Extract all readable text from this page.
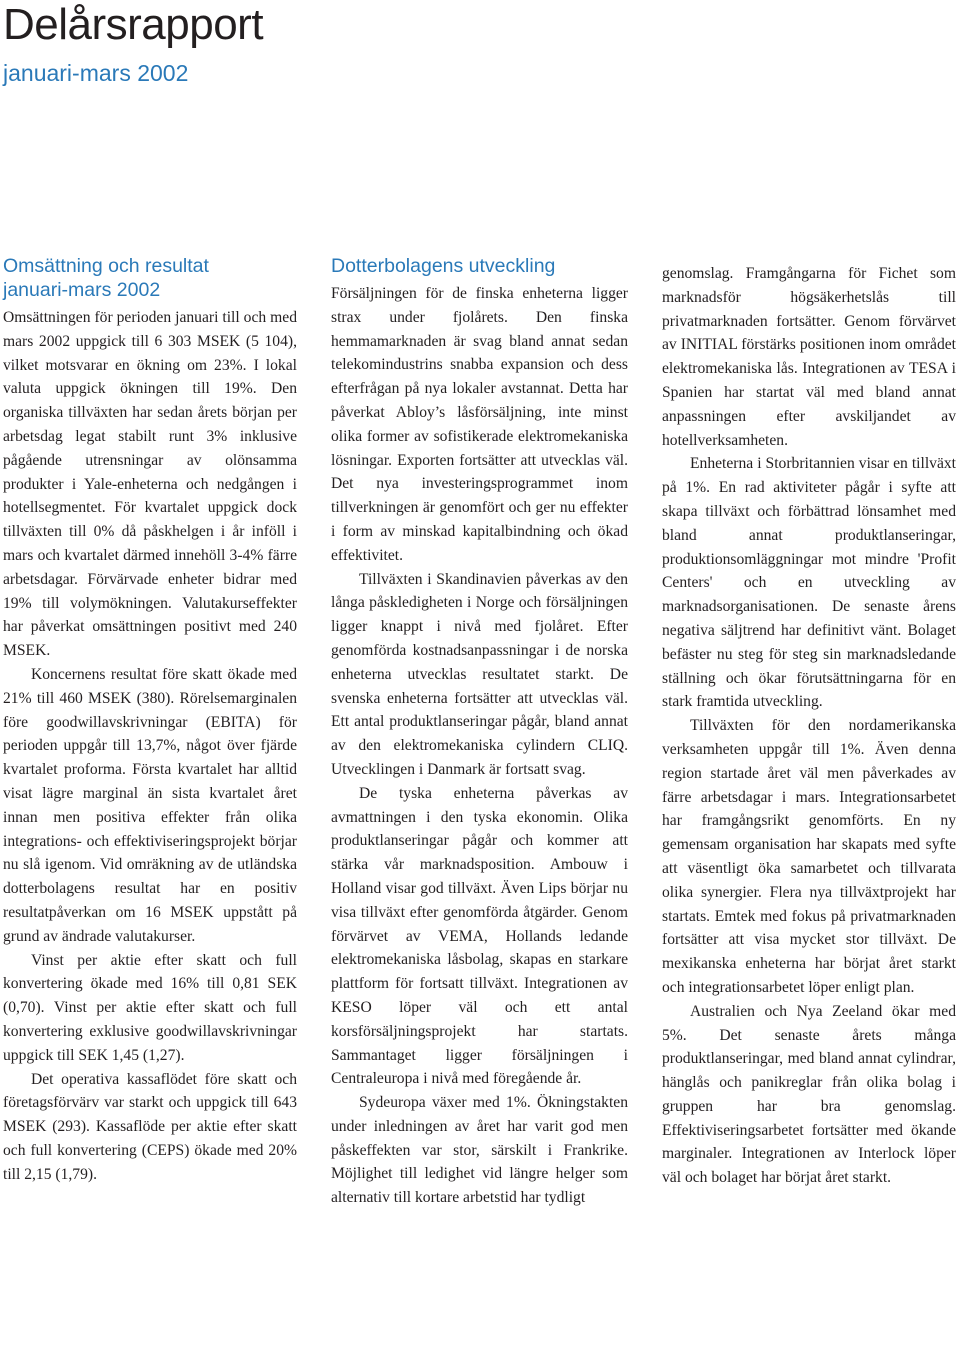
Delårsrapport
januari-mars 2002
Omsättning och resultat
januari-mars 2002

Omsättningen för perioden januari till och med mars 2002 uppgick till 6 303 MSEK (5 104), vilket motsvarar en ökning om 23%. I lokal valuta uppgick ökningen till 19%. Den organiska tillväxten har sedan årets början per arbetsdag legat stabilt runt 3% inklusive pågående utrensningar av olönsamma produkter i Yale-enheterna och nedgången i hotellsegmentet. För kvartalet uppgick dock tillväxten till 0% då påskhelgen i år inföll i mars och kvartalet därmed innehöll 3-4% färre arbetsdagar. Förvärvade enheter bidrar med 19% till volymökningen. Valutakurseffekter har påverkat omsättningen positivt med 240 MSEK.

Koncernens resultat före skatt ökade med 21% till 460 MSEK (380). Rörelsemarginalen före goodwillavskrivningar (EBITA) för perioden uppgår till 13,7%, något över fjärde kvartalet proforma. Första kvartalet har alltid visat lägre marginal än sista kvartalet året innan men positiva effekter från olika integrations- och effektiviseringsprojekt börjar nu slå igenom. Vid omräkning av de utländska dotterbolagens resultat har en positiv resultatpåverkan om 16 MSEK uppstått på grund av ändrade valutakurser.

Vinst per aktie efter skatt och full konvertering ökade med 16% till 0,81 SEK (0,70). Vinst per aktie efter skatt och full konvertering exklusive goodwillavskrivningar uppgick till SEK 1,45 (1,27).

Det operativa kassaflödet före skatt och företagsförvärv var starkt och uppgick till 643 MSEK (293). Kassaflöde per aktie efter skatt och full konvertering (CEPS) ökade med 20% till 2,15 (1,79).

Dotterbolagens utveckling

Försäljningen för de finska enheterna ligger strax under fjolårets. Den finska hemmamarknaden är svag bland annat sedan telekomindustrins snabba expansion och dess efterfrågan på nya lokaler avstannat. Detta har påverkat Abloy’s låsförsäljning, inte minst olika former av sofistikerade elektromekaniska lösningar. Exporten fortsätter att utvecklas väl. Det nya investeringsprogrammet inom tillverkningen är genomfört och ger nu effekter i form av minskad kapitalbindning och ökad effektivitet.

Tillväxten i Skandinavien påverkas av den långa påskledigheten i Norge och försäljningen ligger knappt i nivå med fjolåret. Efter genomförda kostnadsanpassningar i de norska enheterna utvecklas resultatet starkt. De svenska enheterna fortsätter att utvecklas väl. Ett antal produktlanseringar pågår, bland annat av den elektromekaniska cylindern CLIQ. Utvecklingen i Danmark är fortsatt svag.

De tyska enheterna påverkas av avmattningen i den tyska ekonomin. Olika produktlanseringar pågår och kommer att stärka vår marknadsposition. Ambouw i Holland visar god tillväxt. Även Lips börjar nu visa tillväxt efter genomförda åtgärder. Genom förvärvet av VEMA, Hollands ledande elektromekaniska låsbolag, skapas en starkare plattform för fortsatt tillväxt. Integrationen av KESO löper väl och ett antal korsförsäljningsprojekt har startats. Sammantaget ligger försäljningen i Centraleuropa i nivå med föregående år.

Sydeuropa växer med 1%. Ökningstakten under inledningen av året har varit god men påskeffekten var stor, särskilt i Frankrike. Möjlighet till ledighet vid längre helger som alternativ till kortare arbetstid har tydligt

genomslag. Framgångarna för Fichet som marknadsför högsäkerhetslås till privatmarknaden fortsätter. Genom förvärvet av INITIAL förstärks positionen inom området elektromekaniska lås. Integrationen av TESA i Spanien har startat väl med bland annat anpassningen efter avskiljandet av hotellverksamheten.

Enheterna i Storbritannien visar en tillväxt på 1%. En rad aktiviteter pågår i syfte att skapa tillväxt och förbättrad lönsamhet med bland annat produktlanseringar, produktionsomläggningar mot mindre 'Profit Centers' och en utveckling av marknadsorganisationen. De senaste årens negativa säljtrend har definitivt vänt. Bolaget befäster nu steg för steg sin marknadsledande ställning och ökar förutsättningarna för en stark framtida utveckling.

Tillväxten för den nordamerikanska verksamheten uppgår till 1%. Även denna region startade året väl men påverkades av färre arbetsdagar i mars. Integrationsarbetet har framgångsrikt genomförts. En ny gemensam organisation har skapats med syfte att väsentligt öka samarbetet och tillvarata olika synergier. Flera nya tillväxtprojekt har startats. Emtek med fokus på privatmarknaden fortsätter att visa mycket stor tillväxt. De mexikanska enheterna har börjat året starkt och integrationsarbetet löper enligt plan.

Australien och Nya Zeeland ökar med 5%. Det senaste årets många produktlanseringar, med bland annat cylindrar, hänglås och panikreglar från olika bolag i gruppen har bra genomslag. Effektiviseringsarbetet fortsätter med ökande marginaler. Integrationen av Interlock löper väl och bolaget har börjat året starkt.
